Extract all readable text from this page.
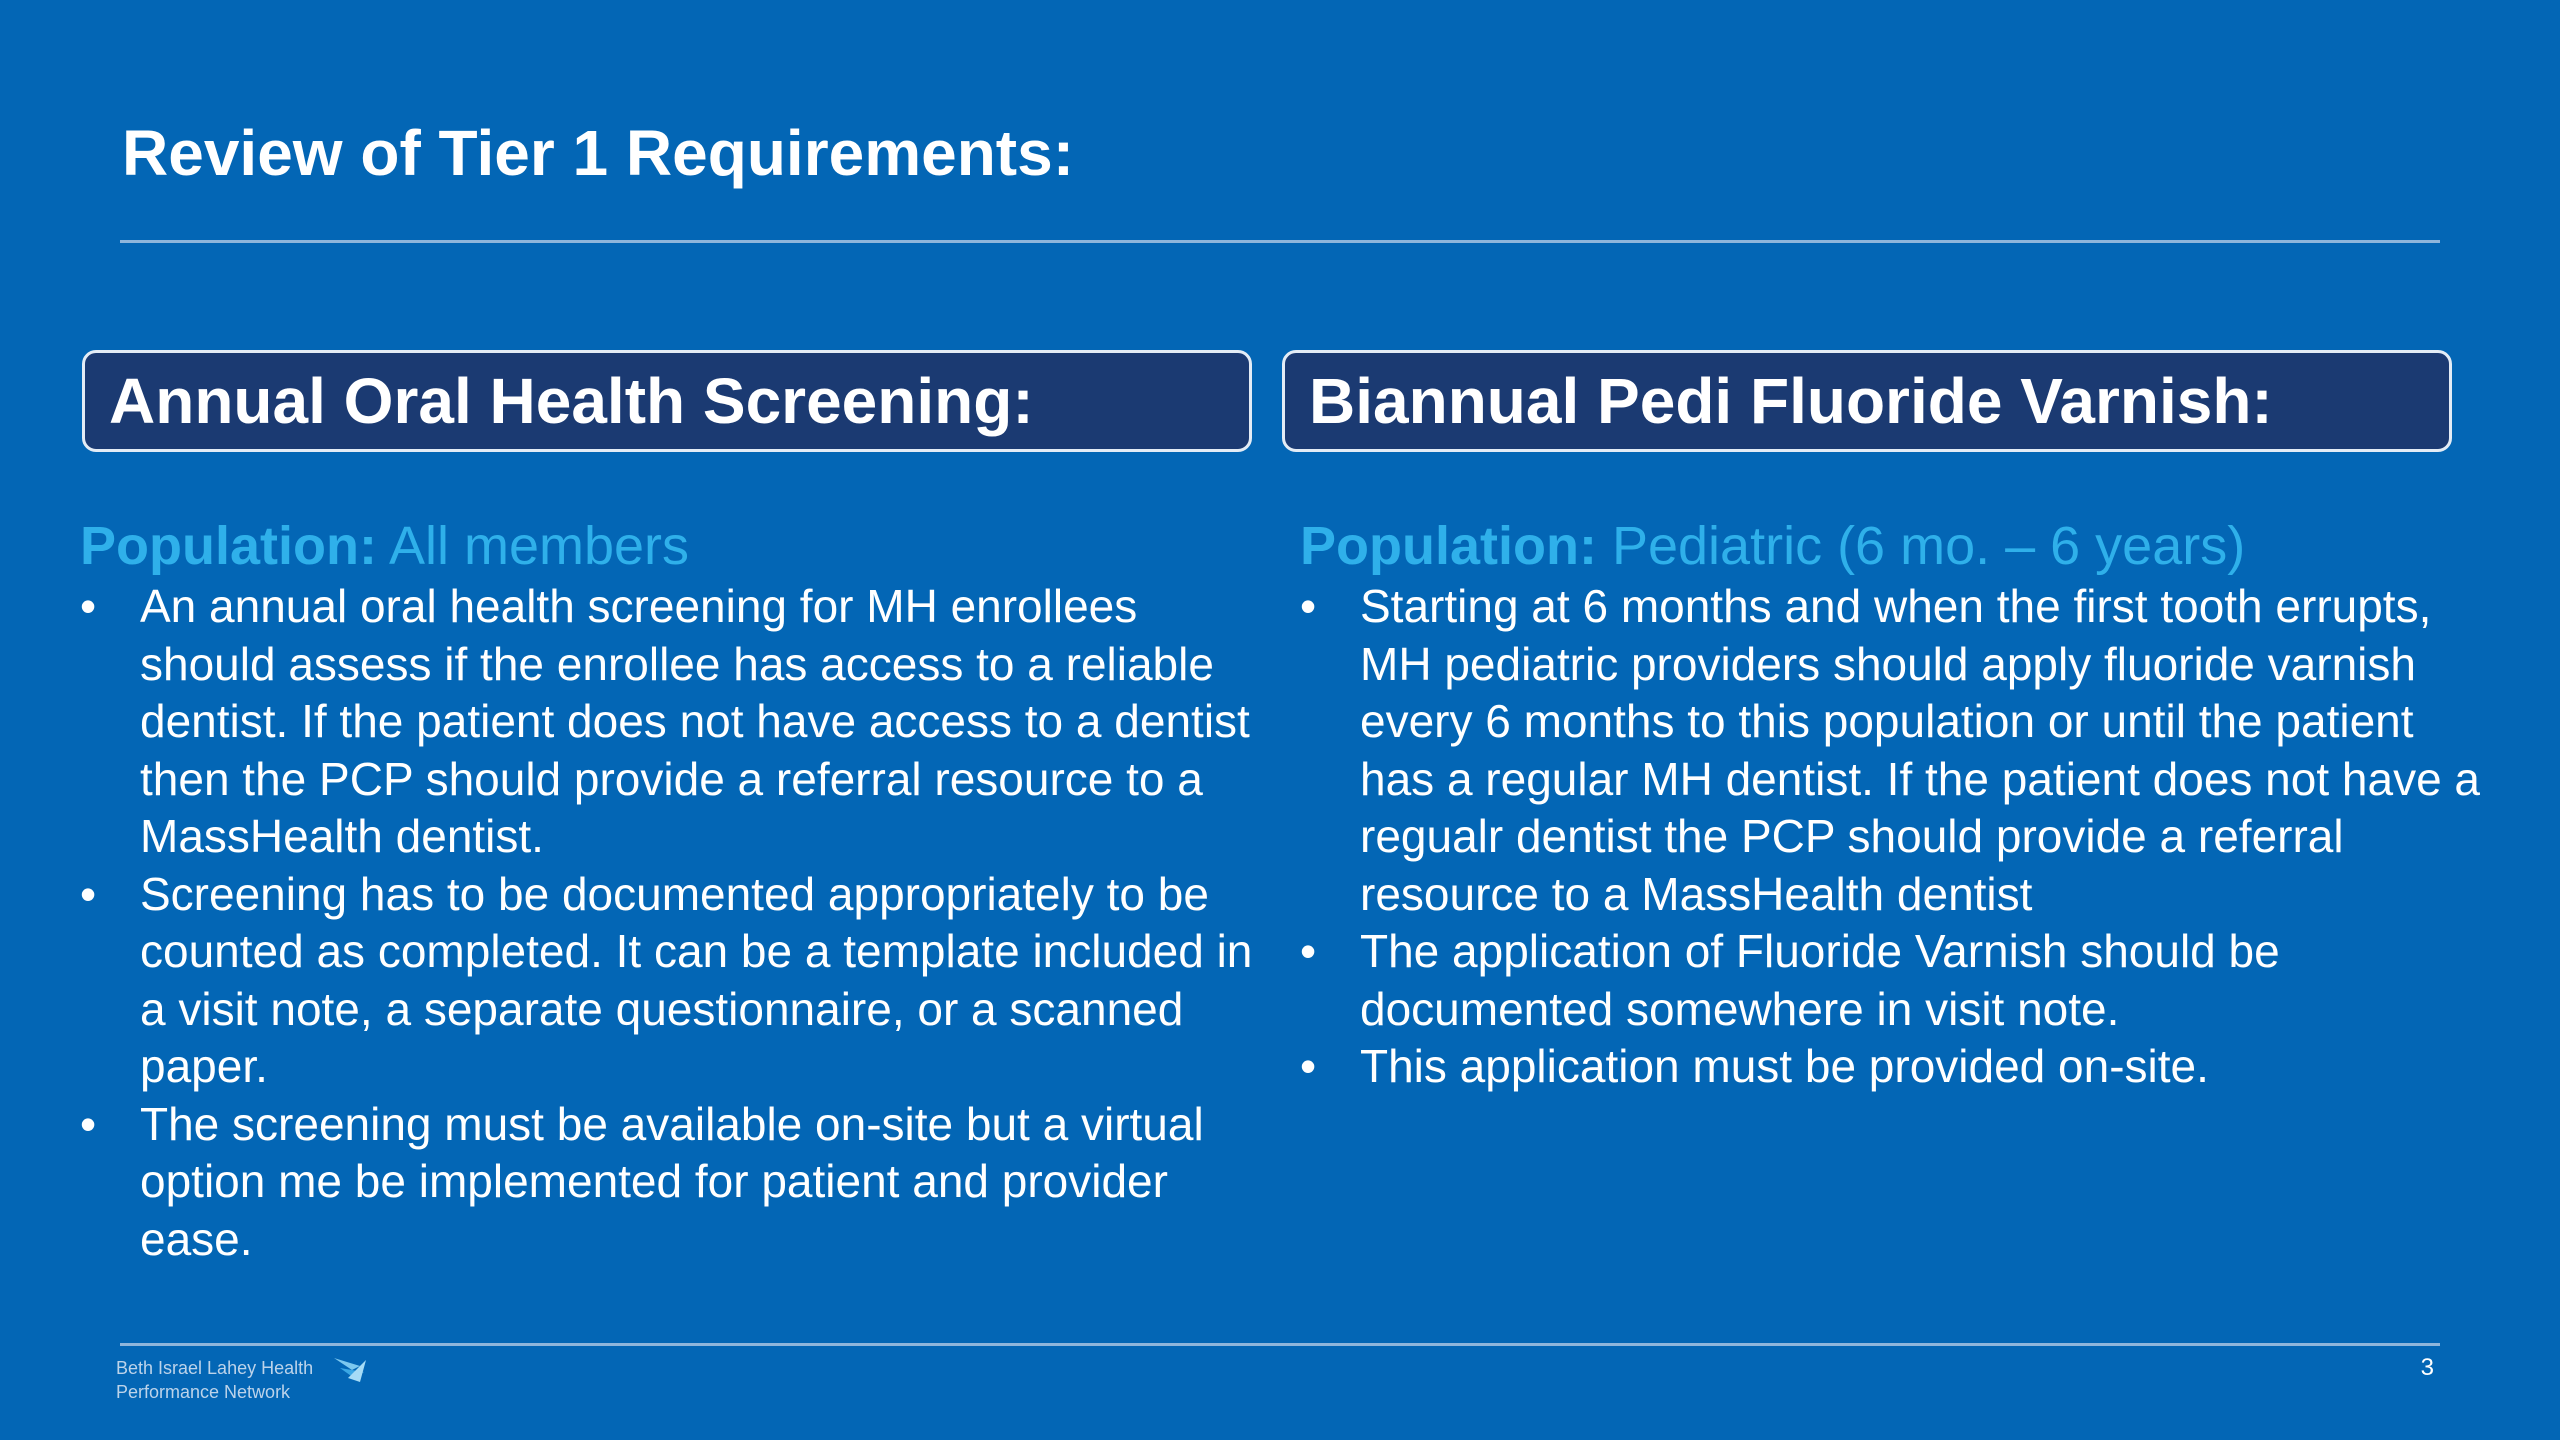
Review of Tier 1 Requirements:
Annual Oral Health Screening:	Biannual Pedi Fluoride Varnish:
Population: All members
• An annual oral health screening for MH enrollees should assess if the enrollee has access to a reliable dentist. If the patient does not have access to a dentist then the PCP should provide a referral resource to a MassHealth dentist.
• Screening has to be documented appropriately to be counted as completed. It can be a template included in a visit note, a separate questionnaire, or a scanned paper.
• The screening must be available on-site but a virtual option me be implemented for patient and provider ease.
Population: Pediatric (6 mo. – 6 years)
• Starting at 6 months and when the first tooth errupts, MH pediatric providers should apply fluoride varnish every 6 months to this population or until the patient has a regular MH dentist. If the patient does not have a regualr dentist the PCP should provide a referral resource to a MassHealth dentist
• The application of Fluoride Varnish should be documented somewhere in visit note.
• This application must be provided on-site.
Beth Israel Lahey Health
Performance Network
3
